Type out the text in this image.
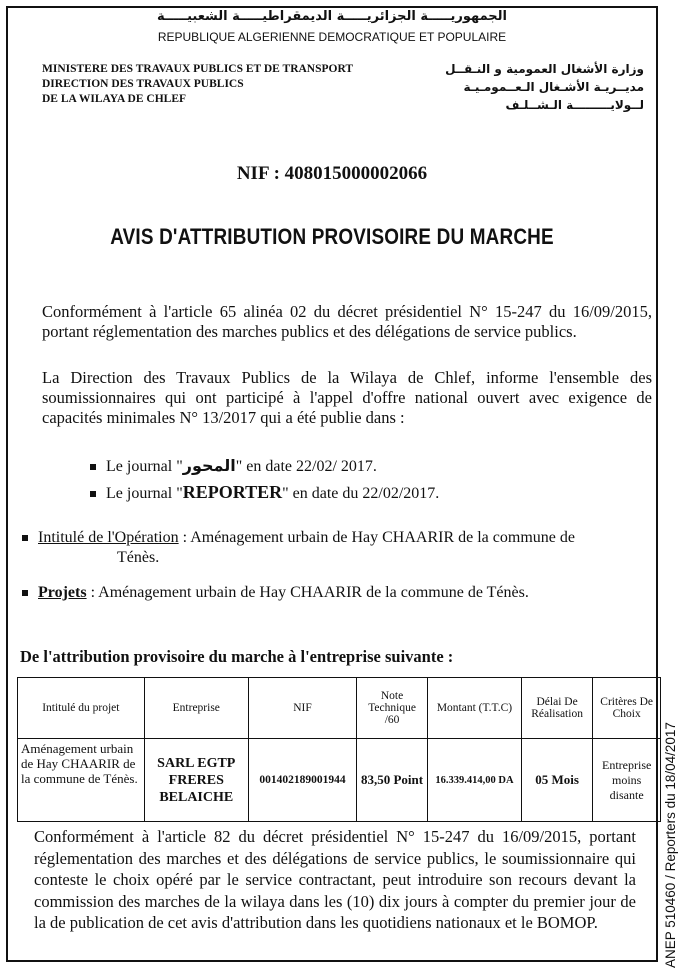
الجمهوريـــــة الجزائريـــــة الديمقراطيـــــة الشعبيـــــة
REPUBLIQUE ALGERIENNE DEMOCRATIQUE ET POPULAIRE
MINISTERE DES TRAVAUX PUBLICS ET DE TRANSPORT
DIRECTION DES TRAVAUX PUBLICS
DE LA WILAYA DE CHLEF
وزارة الأشغال العمومية و النـقــل
مديــريـة الأشـغال الـعــمومـيـة
لــولايـــــــــة الـشــلـف
NIF : 408015000002066
AVIS D'ATTRIBUTION PROVISOIRE DU MARCHE
Conformément à l'article 65 alinéa 02 du décret présidentiel N° 15-247 du 16/09/2015, portant réglementation des marches publics et des délégations de service publics.
La Direction des Travaux Publics de la Wilaya de Chlef, informe l'ensemble des soumissionnaires qui ont participé à l'appel d'offre national ouvert avec exigence de capacités minimales N° 13/2017 qui a été publie dans :
Le journal "المحور" en date 22/02/ 2017.
Le journal "REPORTER" en date du 22/02/2017.
Intitulé de l'Opération : Aménagement urbain de Hay CHAARIR de la commune de
Ténès.
Projets : Aménagement urbain de Hay CHAARIR de la commune de Ténès.
De l'attribution provisoire du marche à l'entreprise suivante :
Intitulé du projet	Entreprise	NIF	Note Technique /60	Montant (T.T.C)	Délai De Réalisation	Critères De Choix
Aménagement urbain de Hay CHAARIR de la commune de Ténès.	SARL EGTP FRERES BELAICHE	001402189001944	83,50 Point	16.339.414,00 DA	05 Mois	Entreprise moins disante
Conformément à l'article 82 du décret présidentiel N° 15-247 du 16/09/2015, portant réglementation des marches et des délégations de service publics, le soumissionnaire qui conteste le choix opéré par le service contractant, peut introduire son recours devant la commission des marches de la wilaya dans les (10) dix jours à compter du premier jour de la de publication de cet avis d'attribution dans les quotidiens nationaux et le BOMOP.	ANEP 510460 / Reporters du 18/04/2017
